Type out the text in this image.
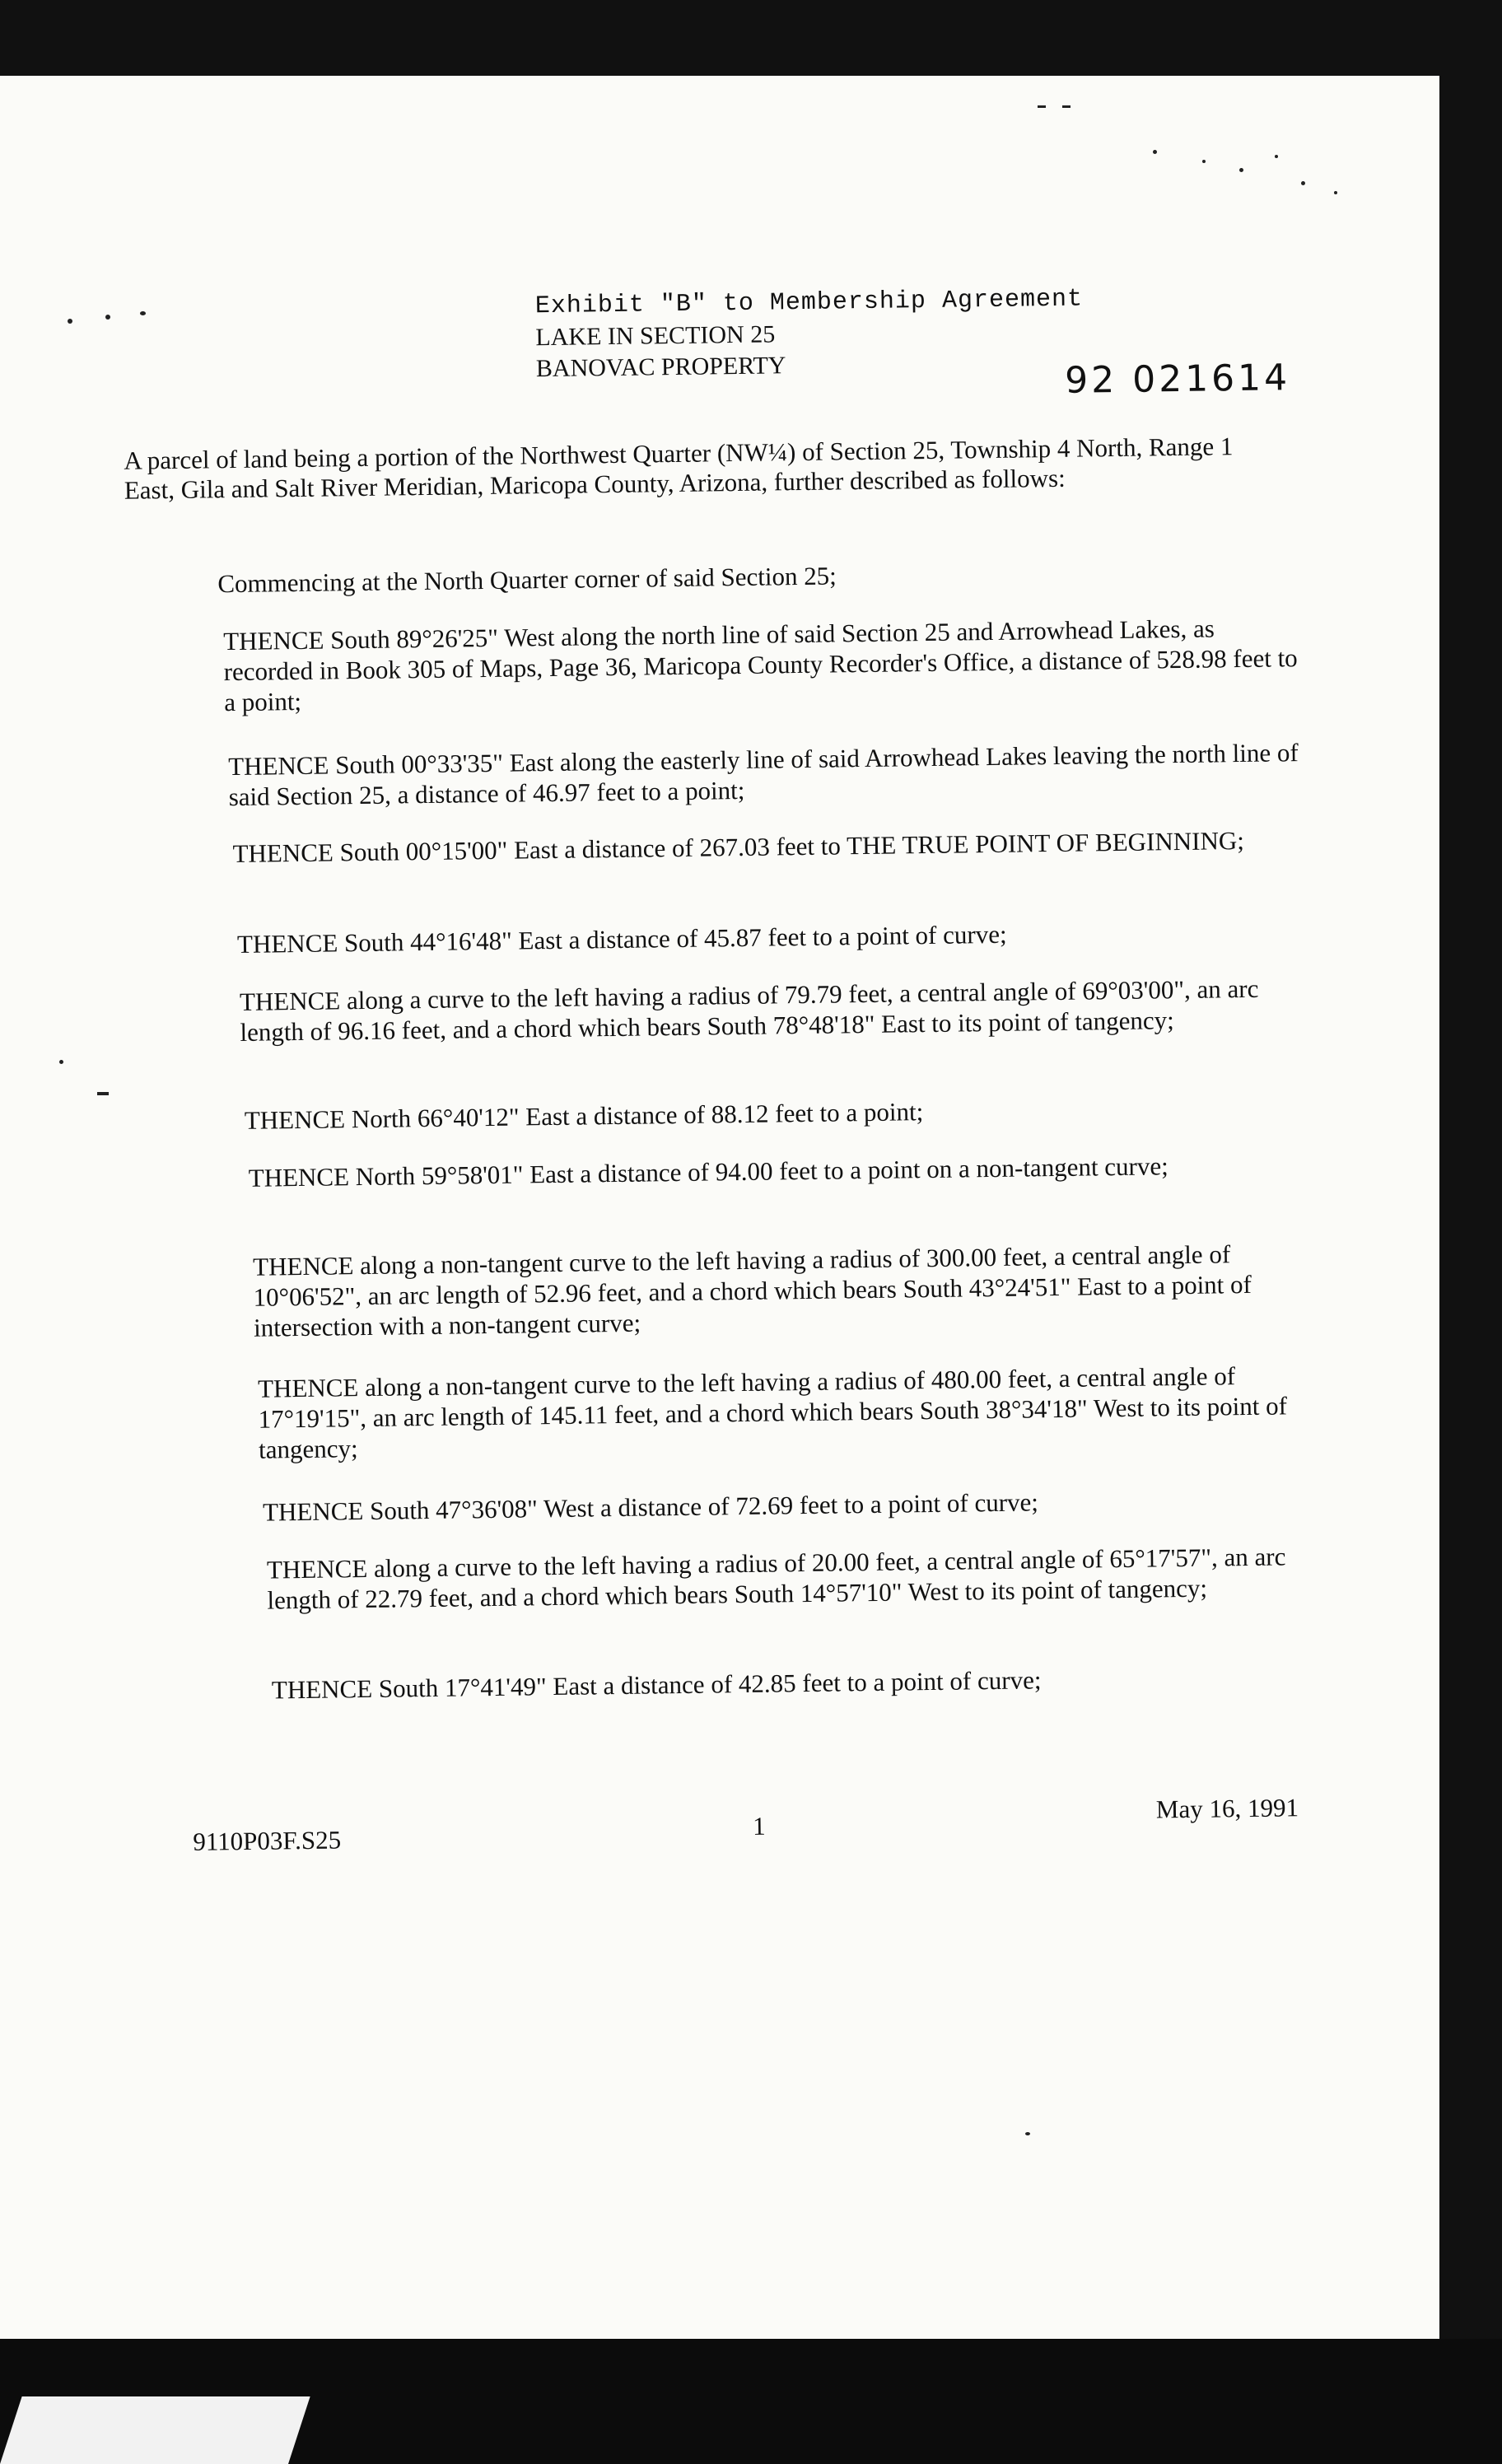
Exhibit "B" to Membership Agreement
LAKE IN SECTION 25
BANOVAC PROPERTY	92 021614
A parcel of land being a portion of the Northwest Quarter (NW¼) of Section 25, Township 4 North, Range 1 East, Gila and Salt River Meridian, Maricopa County, Arizona, further described as follows:
Commencing at the North Quarter corner of said Section 25;
THENCE South 89°26'25" West along the north line of said Section 25 and Arrowhead Lakes, as recorded in Book 305 of Maps, Page 36, Maricopa County Recorder's Office, a distance of 528.98 feet to a point;
THENCE South 00°33'35" East along the easterly line of said Arrowhead Lakes leaving the north line of said Section 25, a distance of 46.97 feet to a point;
THENCE South 00°15'00" East a distance of 267.03 feet to THE TRUE POINT OF BEGINNING;
THENCE South 44°16'48" East a distance of 45.87 feet to a point of curve;
THENCE along a curve to the left having a radius of 79.79 feet, a central angle of 69°03'00", an arc length of 96.16 feet, and a chord which bears South 78°48'18" East to its point of tangency;
THENCE North 66°40'12" East a distance of 88.12 feet to a point;
THENCE North 59°58'01" East a distance of 94.00 feet to a point on a non-tangent curve;
THENCE along a non-tangent curve to the left having a radius of 300.00 feet, a central angle of 10°06'52", an arc length of 52.96 feet, and a chord which bears South 43°24'51" East to a point of intersection with a non-tangent curve;
THENCE along a non-tangent curve to the left having a radius of 480.00 feet, a central angle of 17°19'15", an arc length of 145.11 feet, and a chord which bears South 38°34'18" West to its point of tangency;
THENCE South 47°36'08" West a distance of 72.69 feet to a point of curve;
THENCE along a curve to the left having a radius of 20.00 feet, a central angle of 65°17'57", an arc length of 22.79 feet, and a chord which bears South 14°57'10" West to its point of tangency;
THENCE South 17°41'49" East a distance of 42.85 feet to a point of curve;
9110P03F.S25	1
May 16, 1991
